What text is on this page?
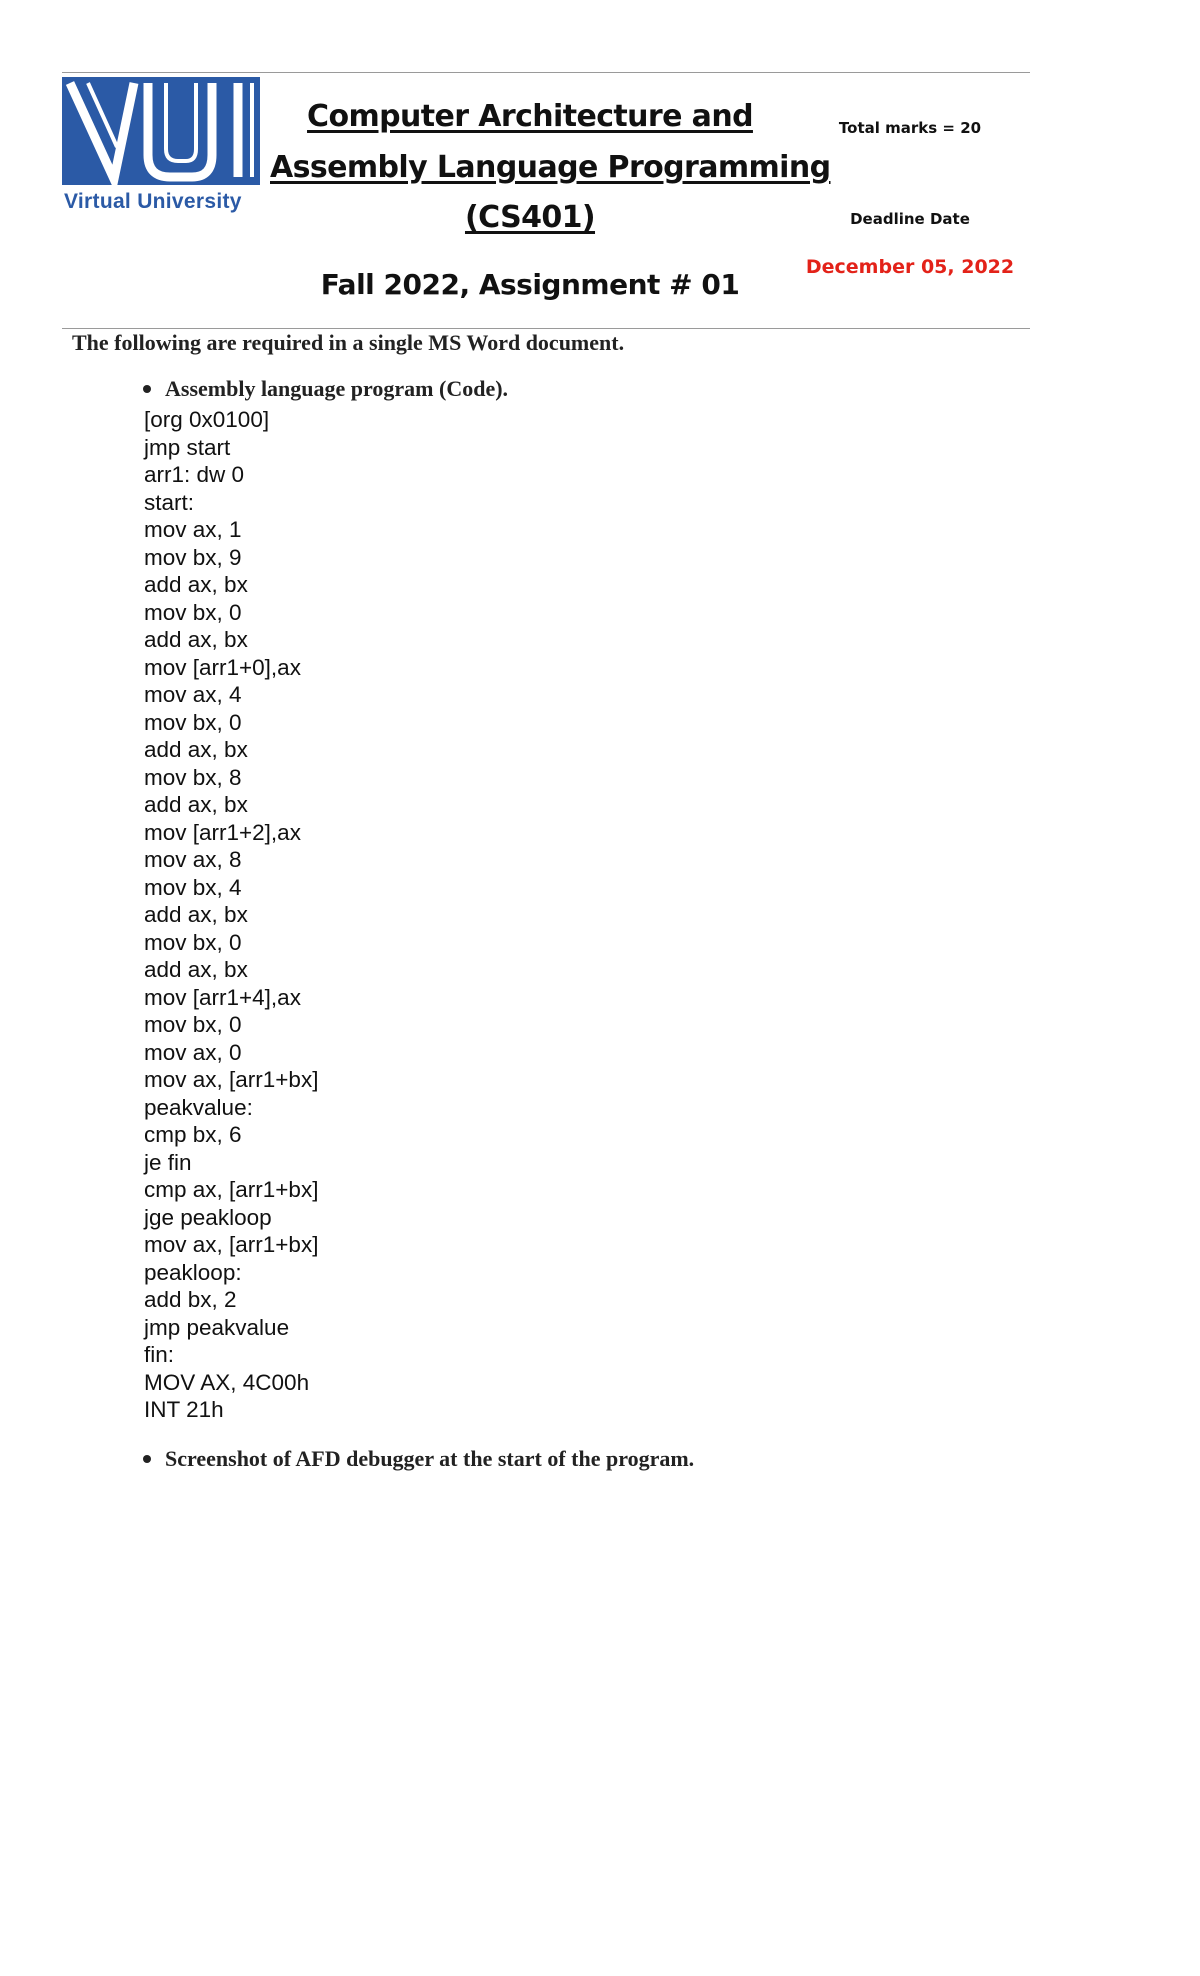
Virtual University
Computer Architecture and
Assembly Language Programming
(CS401)
Fall 2022, Assignment # 01
Total marks = 20
Deadline Date
December 05, 2022
The following are required in a single MS Word document.
Assembly language program (Code).
[org 0x0100]
jmp start
arr1: dw 0
start:
mov ax, 1
mov bx, 9
add ax, bx
mov bx, 0
add ax, bx
mov [arr1+0],ax
mov ax, 4
mov bx, 0
add ax, bx
mov bx, 8
add ax, bx
mov [arr1+2],ax
mov ax, 8
mov bx, 4
add ax, bx
mov bx, 0
add ax, bx
mov [arr1+4],ax
mov bx, 0
mov ax, 0
mov ax, [arr1+bx]
peakvalue:
cmp bx, 6
je fin
cmp ax, [arr1+bx]
jge peakloop
mov ax, [arr1+bx]
peakloop:
add bx, 2
jmp peakvalue
fin:
MOV AX, 4C00h
INT 21h
Screenshot of AFD debugger at the start of the program.
